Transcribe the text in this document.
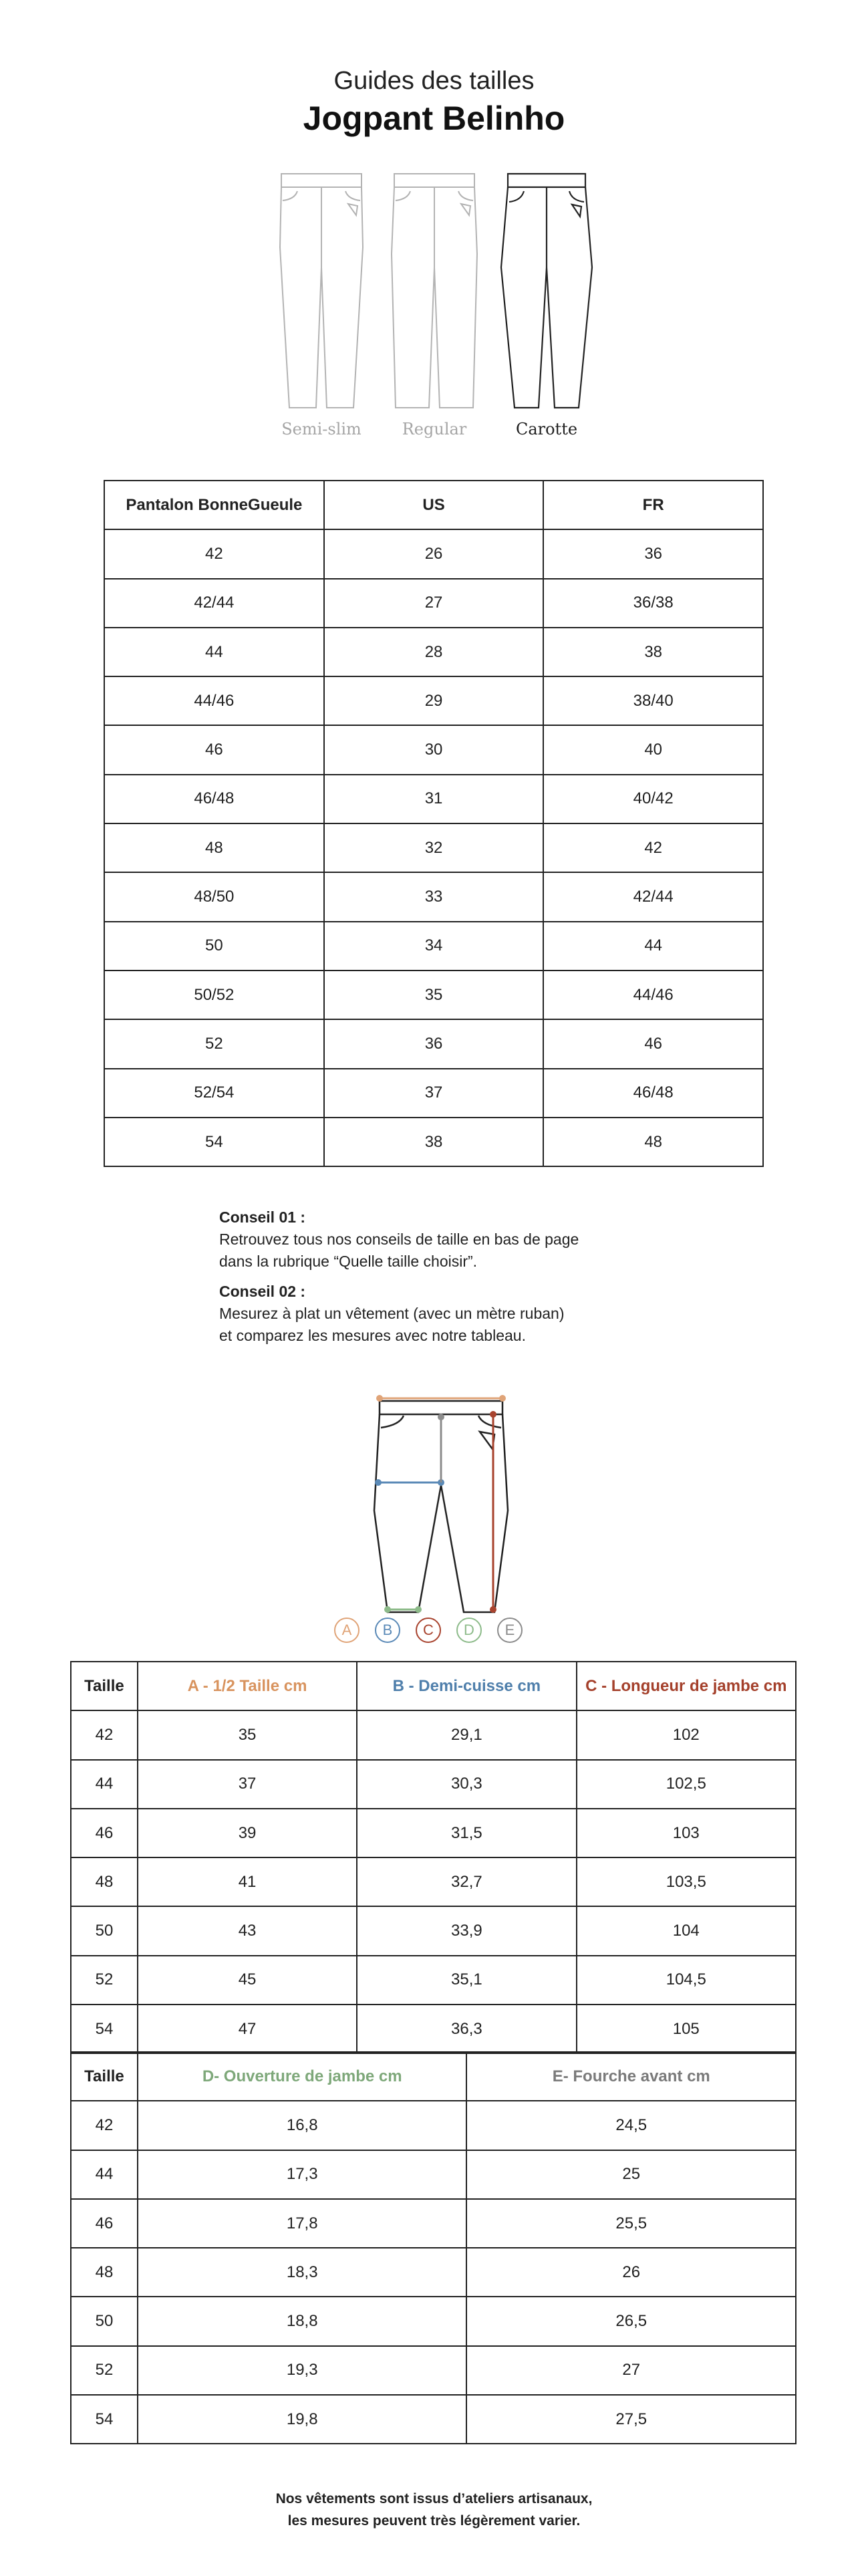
Guides des tailles
Jogpant Belinho
Semi-slim	Regular	Carotte
Pantalon BonneGueule	US	FR
42	26	36
42/44	27	36/38
44	28	38
44/46	29	38/40
46	30	40
46/48	31	40/42
48	32	42
48/50	33	42/44
50	34	44
50/52	35	44/46
52	36	46
52/54	37	46/48
54	38	48
Conseil 01 :
Retrouvez tous nos conseils de taille en bas de page
dans la rubrique “Quelle taille choisir”.
Conseil 02 :
Mesurez à plat un vêtement (avec un mètre ruban)
et comparez les mesures avec notre tableau.
A	B	C	D	E
Taille	A - 1/2 Taille cm	B - Demi-cuisse cm	C - Longueur de jambe cm
42	35	29,1	102
44	37	30,3	102,5
46	39	31,5	103
48	41	32,7	103,5
50	43	33,9	104
52	45	35,1	104,5
54	47	36,3	105
Taille	D- Ouverture de jambe cm	E- Fourche avant cm
42	16,8	24,5
44	17,3	25
46	17,8	25,5
48	18,3	26
50	18,8	26,5
52	19,3	27
54	19,8	27,5
Nos vêtements sont issus d’ateliers artisanaux,
les mesures peuvent très légèrement varier.
